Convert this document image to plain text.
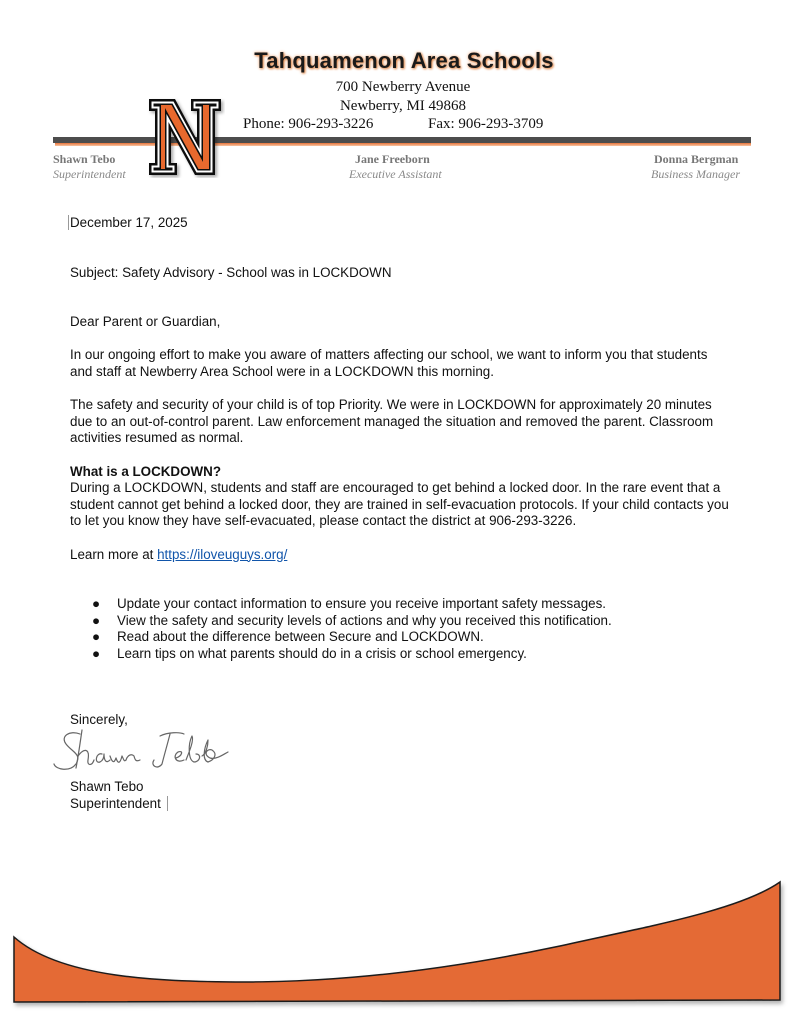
Tahquamenon Area Schools
700 Newberry Avenue
Newberry, MI 49868
Phone: 906-293-3226	Fax: 906-293-3709
Shawn Tebo
Superintendent
Jane Freeborn
Executive Assistant
Donna Bergman
Business Manager

December 17, 2025

Subject: Safety Advisory - School was in LOCKDOWN

Dear Parent or Guardian,

In our ongoing effort to make you aware of matters affecting our school, we want to inform you that students and staff at Newberry Area School were in a LOCKDOWN this morning.

The safety and security of your child is of top Priority. We were in LOCKDOWN for approximately 20 minutes due to an out-of-control parent. Law enforcement managed the situation and removed the parent. Classroom activities resumed as normal.

What is a LOCKDOWN?

During a LOCKDOWN, students and staff are encouraged to get behind a locked door. In the rare event that a student cannot get behind a locked door, they are trained in self-evacuation protocols. If your child contacts you to let you know they have self-evacuated, please contact the district at 906-293-3226.

Learn more at https://iloveuguys.org/

● Update your contact information to ensure you receive important safety messages.
● View the safety and security levels of actions and why you received this notification.
● Read about the difference between Secure and LOCKDOWN.
● Learn tips on what parents should do in a crisis or school emergency.

Sincerely,

Shawn Tebo

Superintendent
